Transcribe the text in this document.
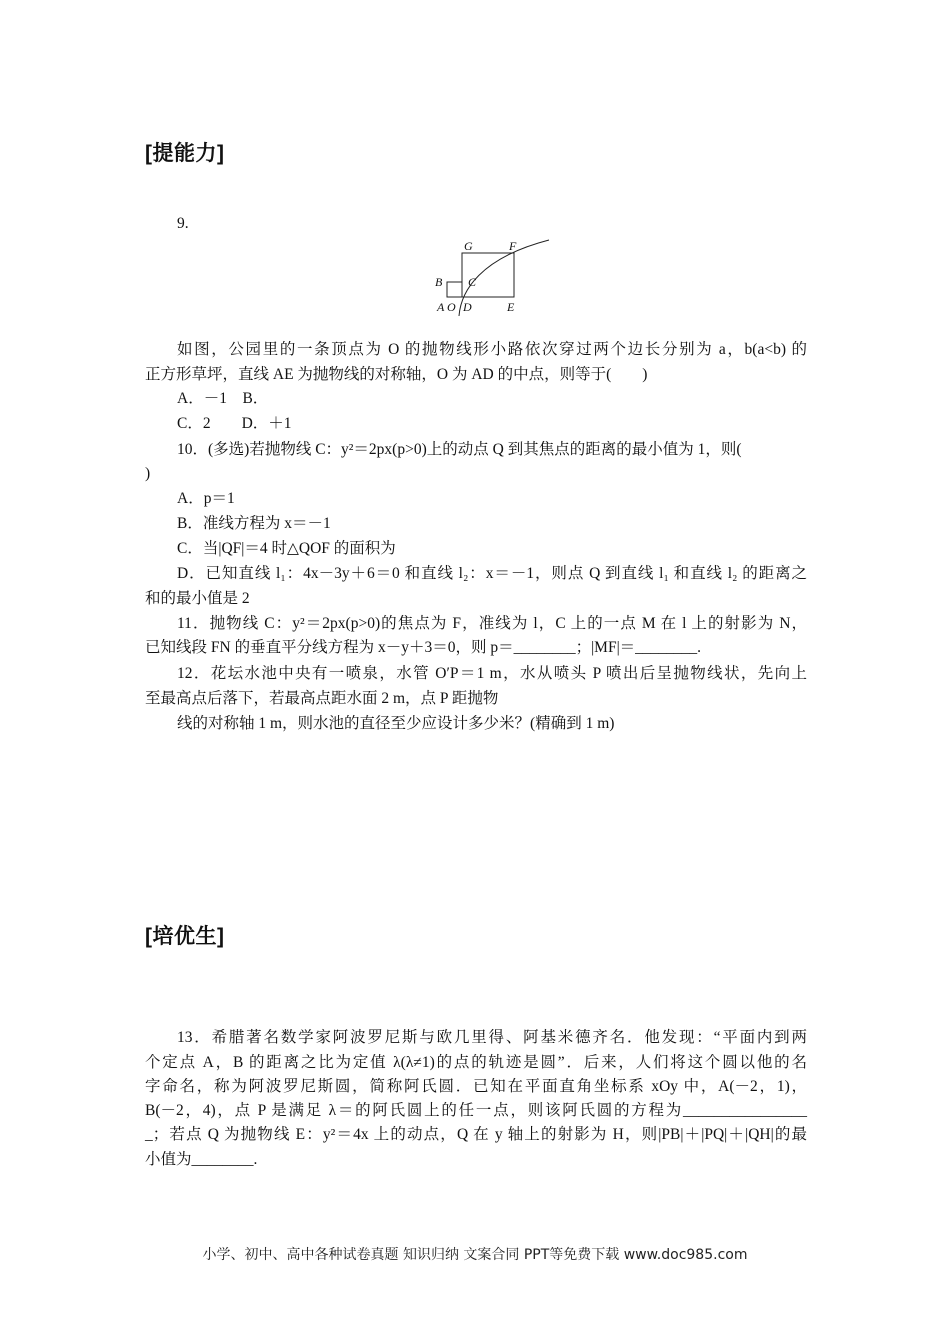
[提能力]
9.
G	F
B C
A O D	E
如图，公园里的一条顶点为 O 的抛物线形小路依次穿过两个边长分别为 a，b(a<b) 的
正方形草坪，直线 AE 为抛物线的对称轴，O 为 AD 的中点，则等于(　　)
A．－1　B．
C．2　　D．＋1
10．(多选)若抛物线 C：y²＝2px(p>0)上的动点 Q 到其焦点的距离的最小值为 1，则(
)
A．p＝1
B．准线方程为 x＝－1
C．当|QF|＝4 时△QOF 的面积为
D．已知直线 l₁：4x－3y＋6＝0 和直线 l₂：x＝－1，则点 Q 到直线 l₁ 和直线 l₂ 的距离之
和的最小值是 2
11．抛物线 C：y²＝2px(p>0)的焦点为 F，准线为 l，C 上的一点 M 在 l 上的射影为 N，
已知线段 FN 的垂直平分线方程为 x－y＋3＝0，则 p＝________；|MF|＝________.
12．花坛水池中央有一喷泉，水管 O′P＝1 m，水从喷头 P 喷出后呈抛物线状，先向上
至最高点后落下，若最高点距水面 2 m，点 P 距抛物
线的对称轴 1 m，则水池的直径至少应设计多少米？(精确到 1 m)
[培优生]
13．希腊著名数学家阿波罗尼斯与欧几里得、阿基米德齐名．他发现：“平面内到两
个定点 A，B 的距离之比为定值 λ(λ≠1)的点的轨迹是圆”．后来，人们将这个圆以他的名
字命名，称为阿波罗尼斯圆，简称阿氏圆．已知在平面直角坐标系 xOy 中，A(－2，1)，
B(－2，4)，点 P 是满足 λ＝的阿氏圆上的任一点，则该阿氏圆的方程为________________
_；若点 Q 为抛物线 E：y²＝4x 上的动点，Q 在 y 轴上的射影为 H，则|PB|＋|PQ|＋|QH|的最
小值为________.
小学、初中、高中各种试卷真题 知识归纳 文案合同 PPT等免费下载 www.doc985.com
